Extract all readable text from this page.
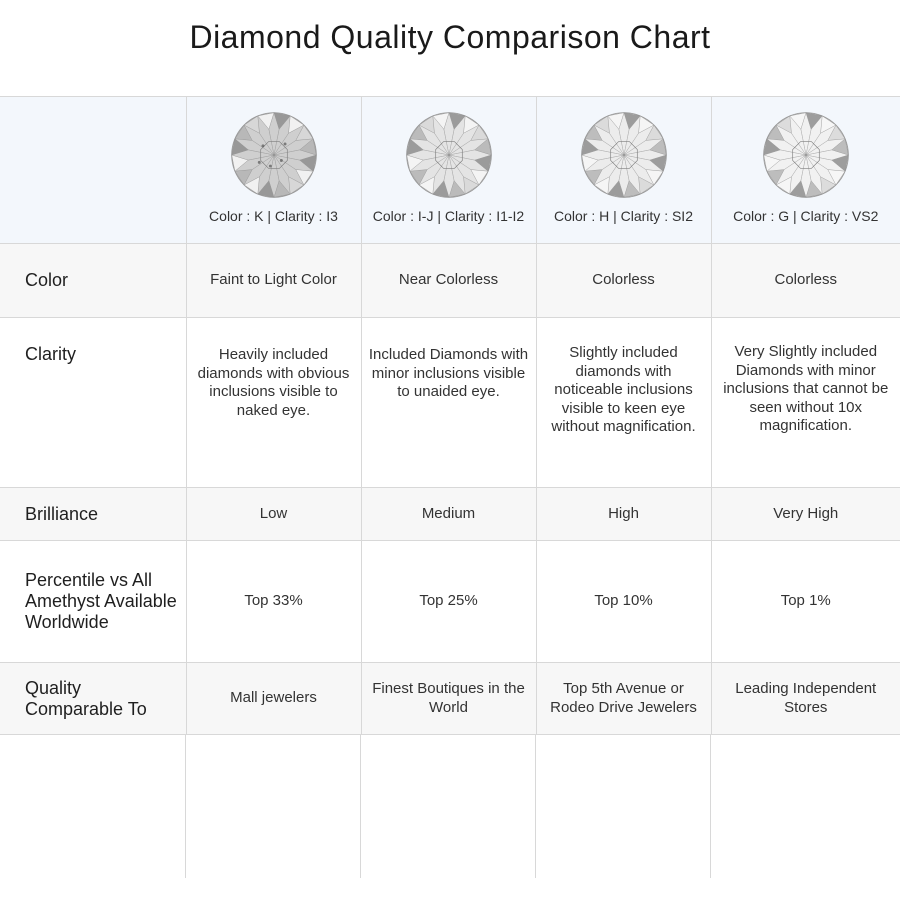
Diamond Quality Comparison Chart

	Color : K | Clarity : I3	Color : I-J | Clarity : I1-I2	Color : H | Clarity : SI2	Color : G | Clarity : VS2

Color	Faint to Light Color	Near Colorless	Colorless	Colorless
Clarity	Heavily included diamonds with obvious inclusions visible to naked eye.	Included Diamonds with minor inclusions visible to unaided eye.	Slightly included diamonds with noticeable inclusions visible to keen eye without magnification.	Very Slightly included Diamonds with minor inclusions that cannot be seen without 10x magnification.
Brilliance	Low	Medium	High	Very High
Percentile vs All Amethyst Available Worldwide	Top 33%	Top 25%	Top 10%	Top 1%
Quality Comparable To	Mall jewelers	Finest Boutiques in the World	Top 5th Avenue or Rodeo Drive Jewelers	Leading Independent Stores
